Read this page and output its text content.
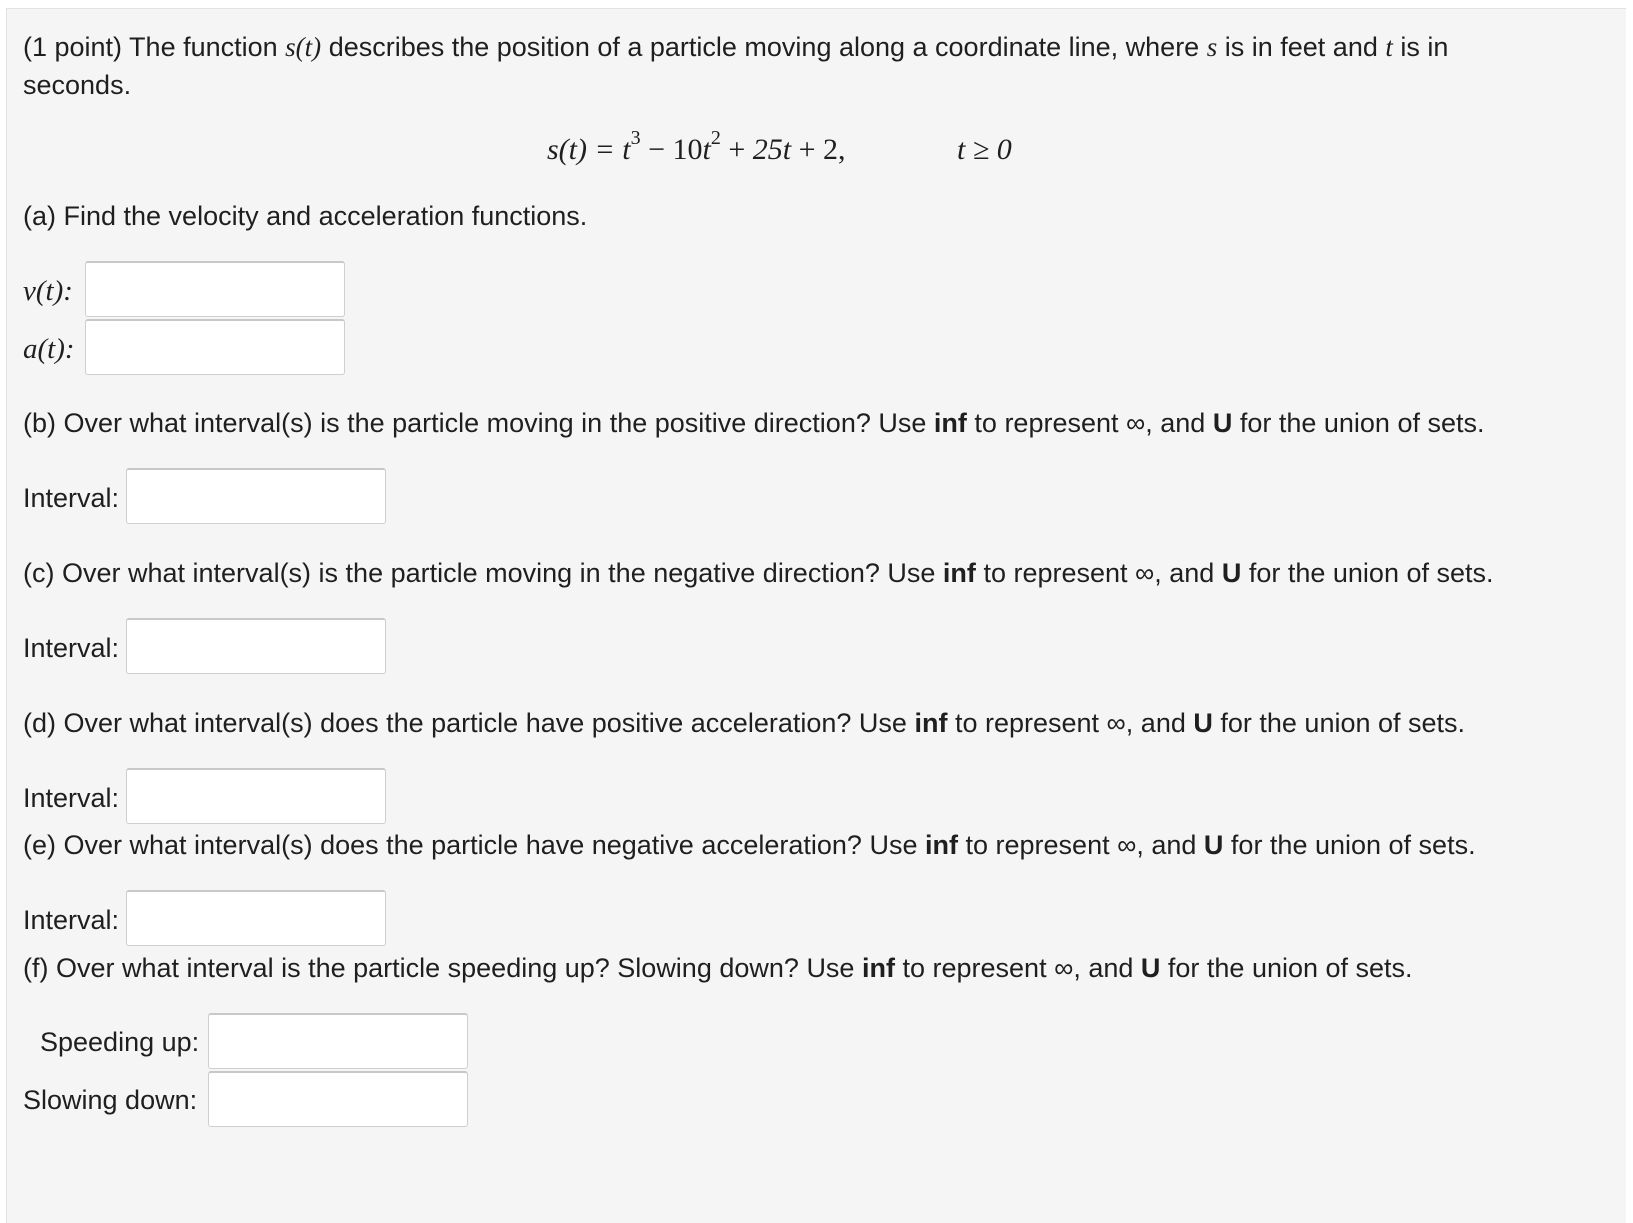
(1 point) The function s(t) describes the position of a particle moving along a coordinate line, where s is in feet and t is in
seconds.
$s(t) = t^3 - 10t^2 + 25t + 2$,	t ≥ 0
(a) Find the velocity and acceleration functions.
v(t):
a(t):
(b) Over what interval(s) is the particle moving in the positive direction? Use inf to represent ∞, and U for the union of sets.
Interval:
(c) Over what interval(s) is the particle moving in the negative direction? Use inf to represent ∞, and U for the union of sets.
Interval:
(d) Over what interval(s) does the particle have positive acceleration? Use inf to represent ∞, and U for the union of sets.
Interval:
(e) Over what interval(s) does the particle have negative acceleration? Use inf to represent ∞, and U for the union of sets.
Interval:
(f) Over what interval is the particle speeding up? Slowing down? Use inf to represent ∞, and U for the union of sets.
Speeding up:
Slowing down:
